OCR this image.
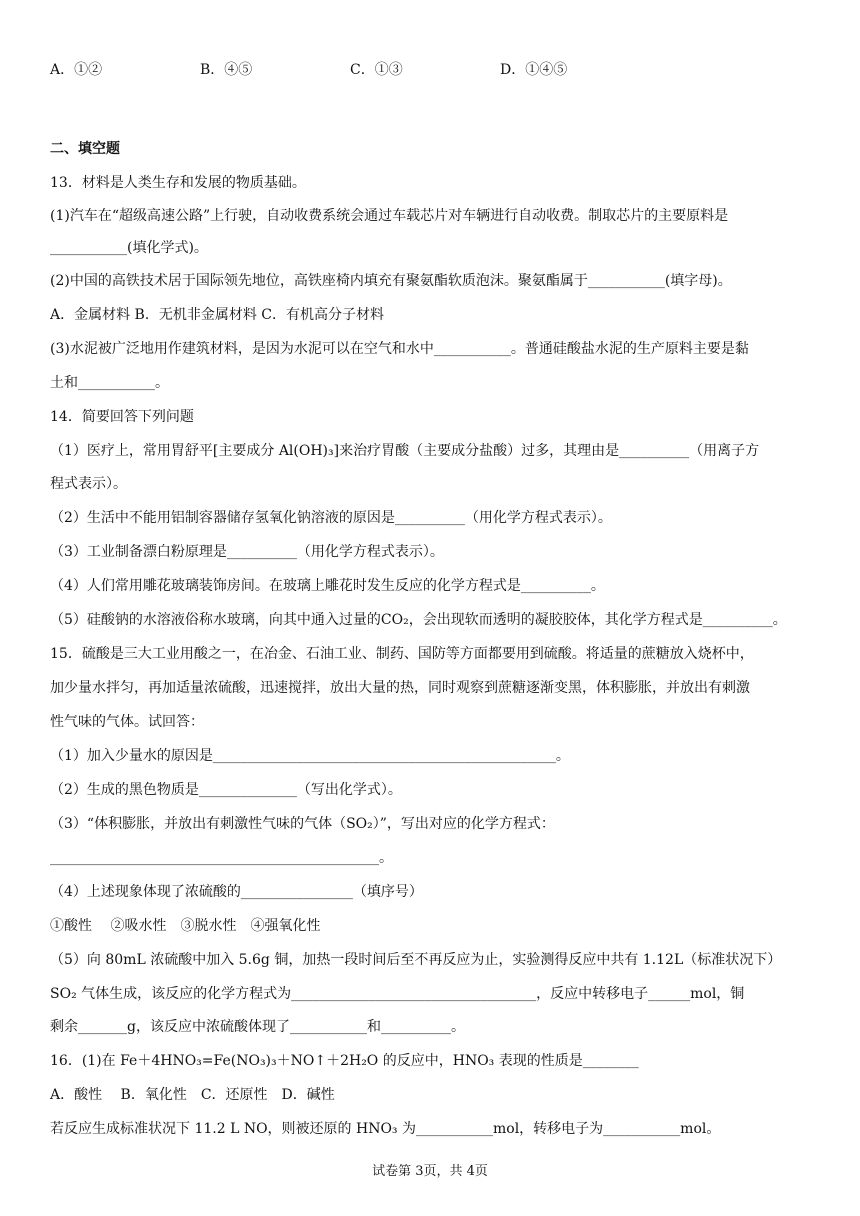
A．①②	B．④⑤	C．①③	D．①④⑤
二、填空题
13．材料是人类生存和发展的物质基础。
(1)汽车在“超级高速公路”上行驶，自动收费系统会通过车载芯片对车辆进行自动收费。制取芯片的主要原料是
___________(填化学式)。
(2)中国的高铁技术居于国际领先地位，高铁座椅内填充有聚氨酯软质泡沫。聚氨酯属于___________(填字母)。
A．金属材料 B．无机非金属材料 C．有机高分子材料
(3)水泥被广泛地用作建筑材料，是因为水泥可以在空气和水中___________。普通硅酸盐水泥的生产原料主要是黏
土和___________。
14．简要回答下列问题
（1）医疗上，常用胃舒平[主要成分 Al(OH)₃]来治疗胃酸（主要成分盐酸）过多，其理由是__________（用离子方
程式表示）。
（2）生活中不能用铝制容器储存氢氧化钠溶液的原因是__________（用化学方程式表示）。
（3）工业制备漂白粉原理是__________（用化学方程式表示）。
（4）人们常用雕花玻璃装饰房间。在玻璃上雕花时发生反应的化学方程式是__________。
（5）硅酸钠的水溶液俗称水玻璃，向其中通入过量的CO₂，会出现软而透明的凝胶胶体，其化学方程式是__________。
15．硫酸是三大工业用酸之一，在冶金、石油工业、制药、国防等方面都要用到硫酸。将适量的蔗糖放入烧杯中，
加少量水拌匀，再加适量浓硫酸，迅速搅拌，放出大量的热，同时观察到蔗糖逐渐变黑，体积膨胀，并放出有刺激
性气味的气体。试回答：
（1）加入少量水的原因是_________________________________________________。
（2）生成的黑色物质是______________（写出化学式）。
（3）“体积膨胀，并放出有刺激性气味的气体（SO₂）”，写出对应的化学方程式：
_______________________________________________。
（4）上述现象体现了浓硫酸的________________（填序号）
①酸性　 ②吸水性　③脱水性　④强氧化性
（5）向 80mL 浓硫酸中加入 5.6g 铜，加热一段时间后至不再反应为止，实验测得反应中共有 1.12L（标准状况下）
SO₂ 气体生成，该反应的化学方程式为___________________________________，反应中转移电子______mol，铜
剩余_______g，该反应中浓硫酸体现了___________和__________。
16．(1)在 Fe＋4HNO₃=Fe(NO₃)₃＋NO↑＋2H₂O 的反应中，HNO₃ 表现的性质是________
A．酸性　 B．氧化性　C．还原性　D．碱性
若反应生成标准状况下 11.2 L NO，则被还原的 HNO₃ 为___________mol，转移电子为___________mol。
试卷第 3页，共 4页
